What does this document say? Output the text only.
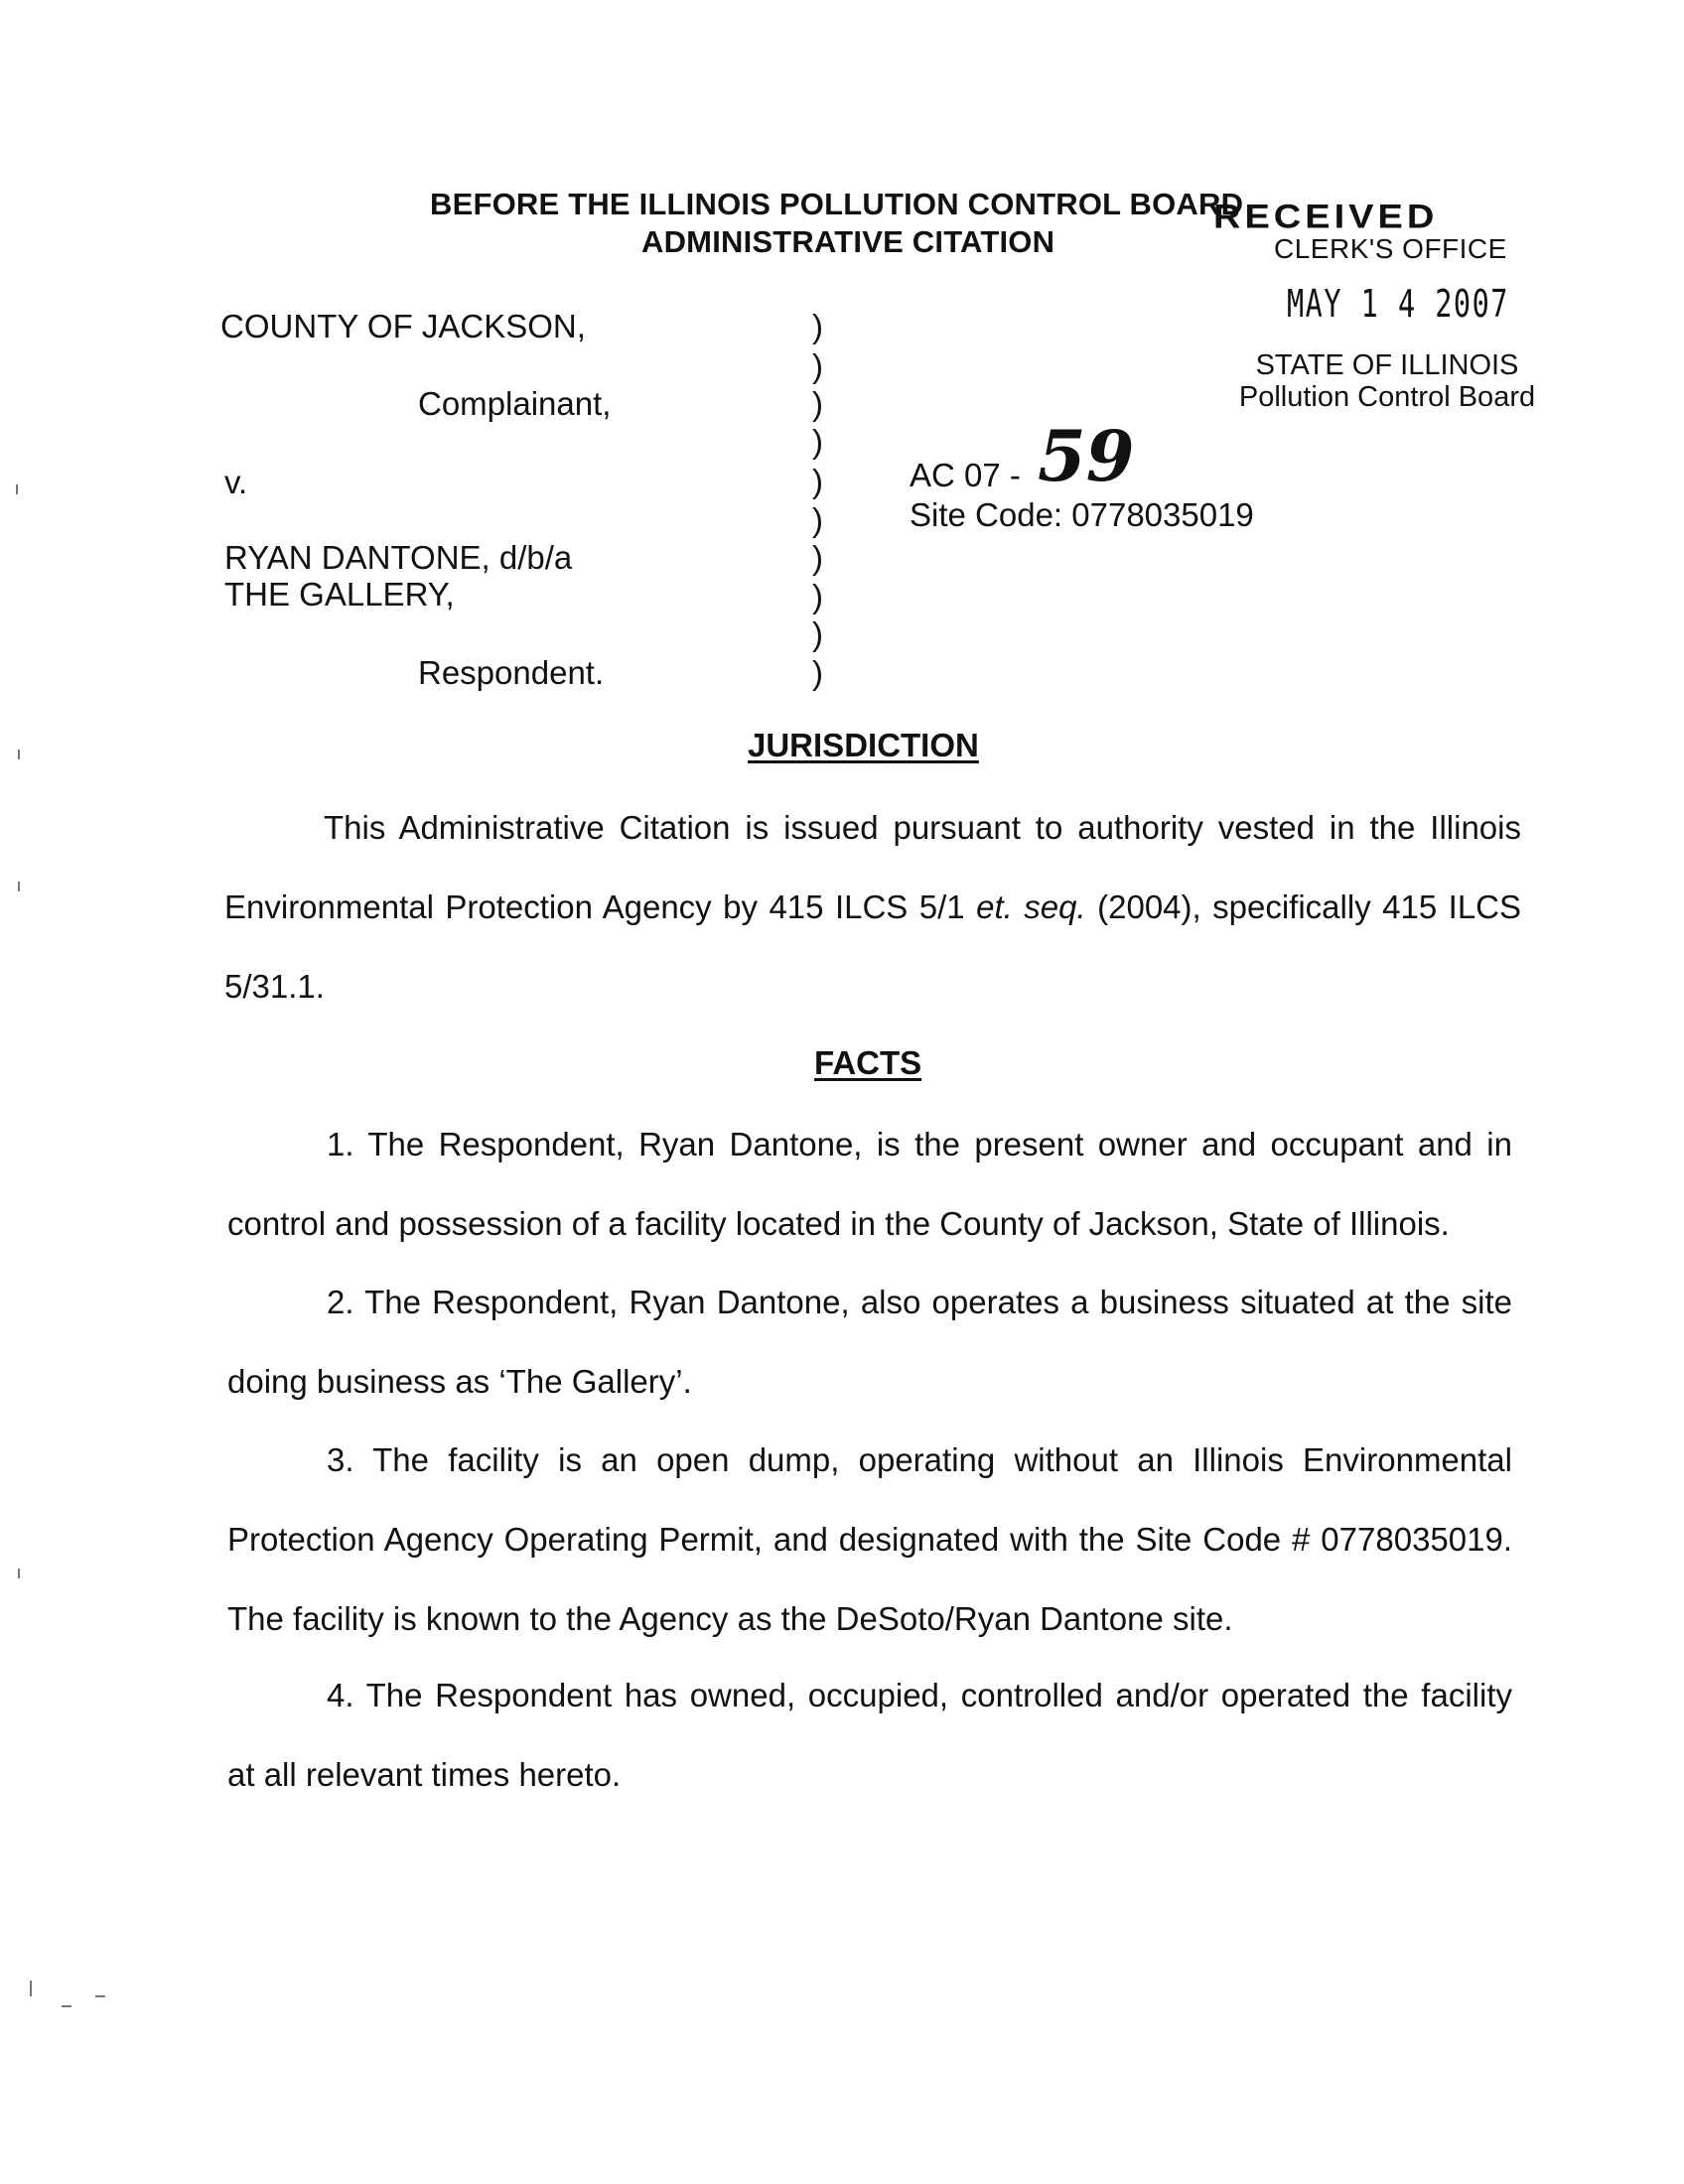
BEFORE THE ILLINOIS POLLUTION CONTROL BOARD
ADMINISTRATIVE CITATION
RECEIVED
CLERK'S OFFICE
MAY 1 4 2007
STATE OF ILLINOIS
Pollution Control Board
COUNTY OF JACKSON,
Complainant,
v.
RYAN DANTONE, d/b/a
THE GALLERY,
Respondent.
)
)
)
)
)
)
)
)
)
)
AC 07 - 59
Site Code: 0778035019
JURISDICTION
This Administrative Citation is issued pursuant to authority vested in the Illinois Environmental Protection Agency by 415 ILCS 5/1 et. seq. (2004), specifically 415 ILCS 5/31.1.
FACTS
1. The Respondent, Ryan Dantone, is the present owner and occupant and in control and possession of a facility located in the County of Jackson, State of Illinois.
2. The Respondent, Ryan Dantone, also operates a business situated at the site doing business as ‘The Gallery’.
3. The facility is an open dump, operating without an Illinois Environmental Protection Agency Operating Permit, and designated with the Site Code # 0778035019. The facility is known to the Agency as the DeSoto/Ryan Dantone site.
4. The Respondent has owned, occupied, controlled and/or operated the facility at all relevant times hereto.
